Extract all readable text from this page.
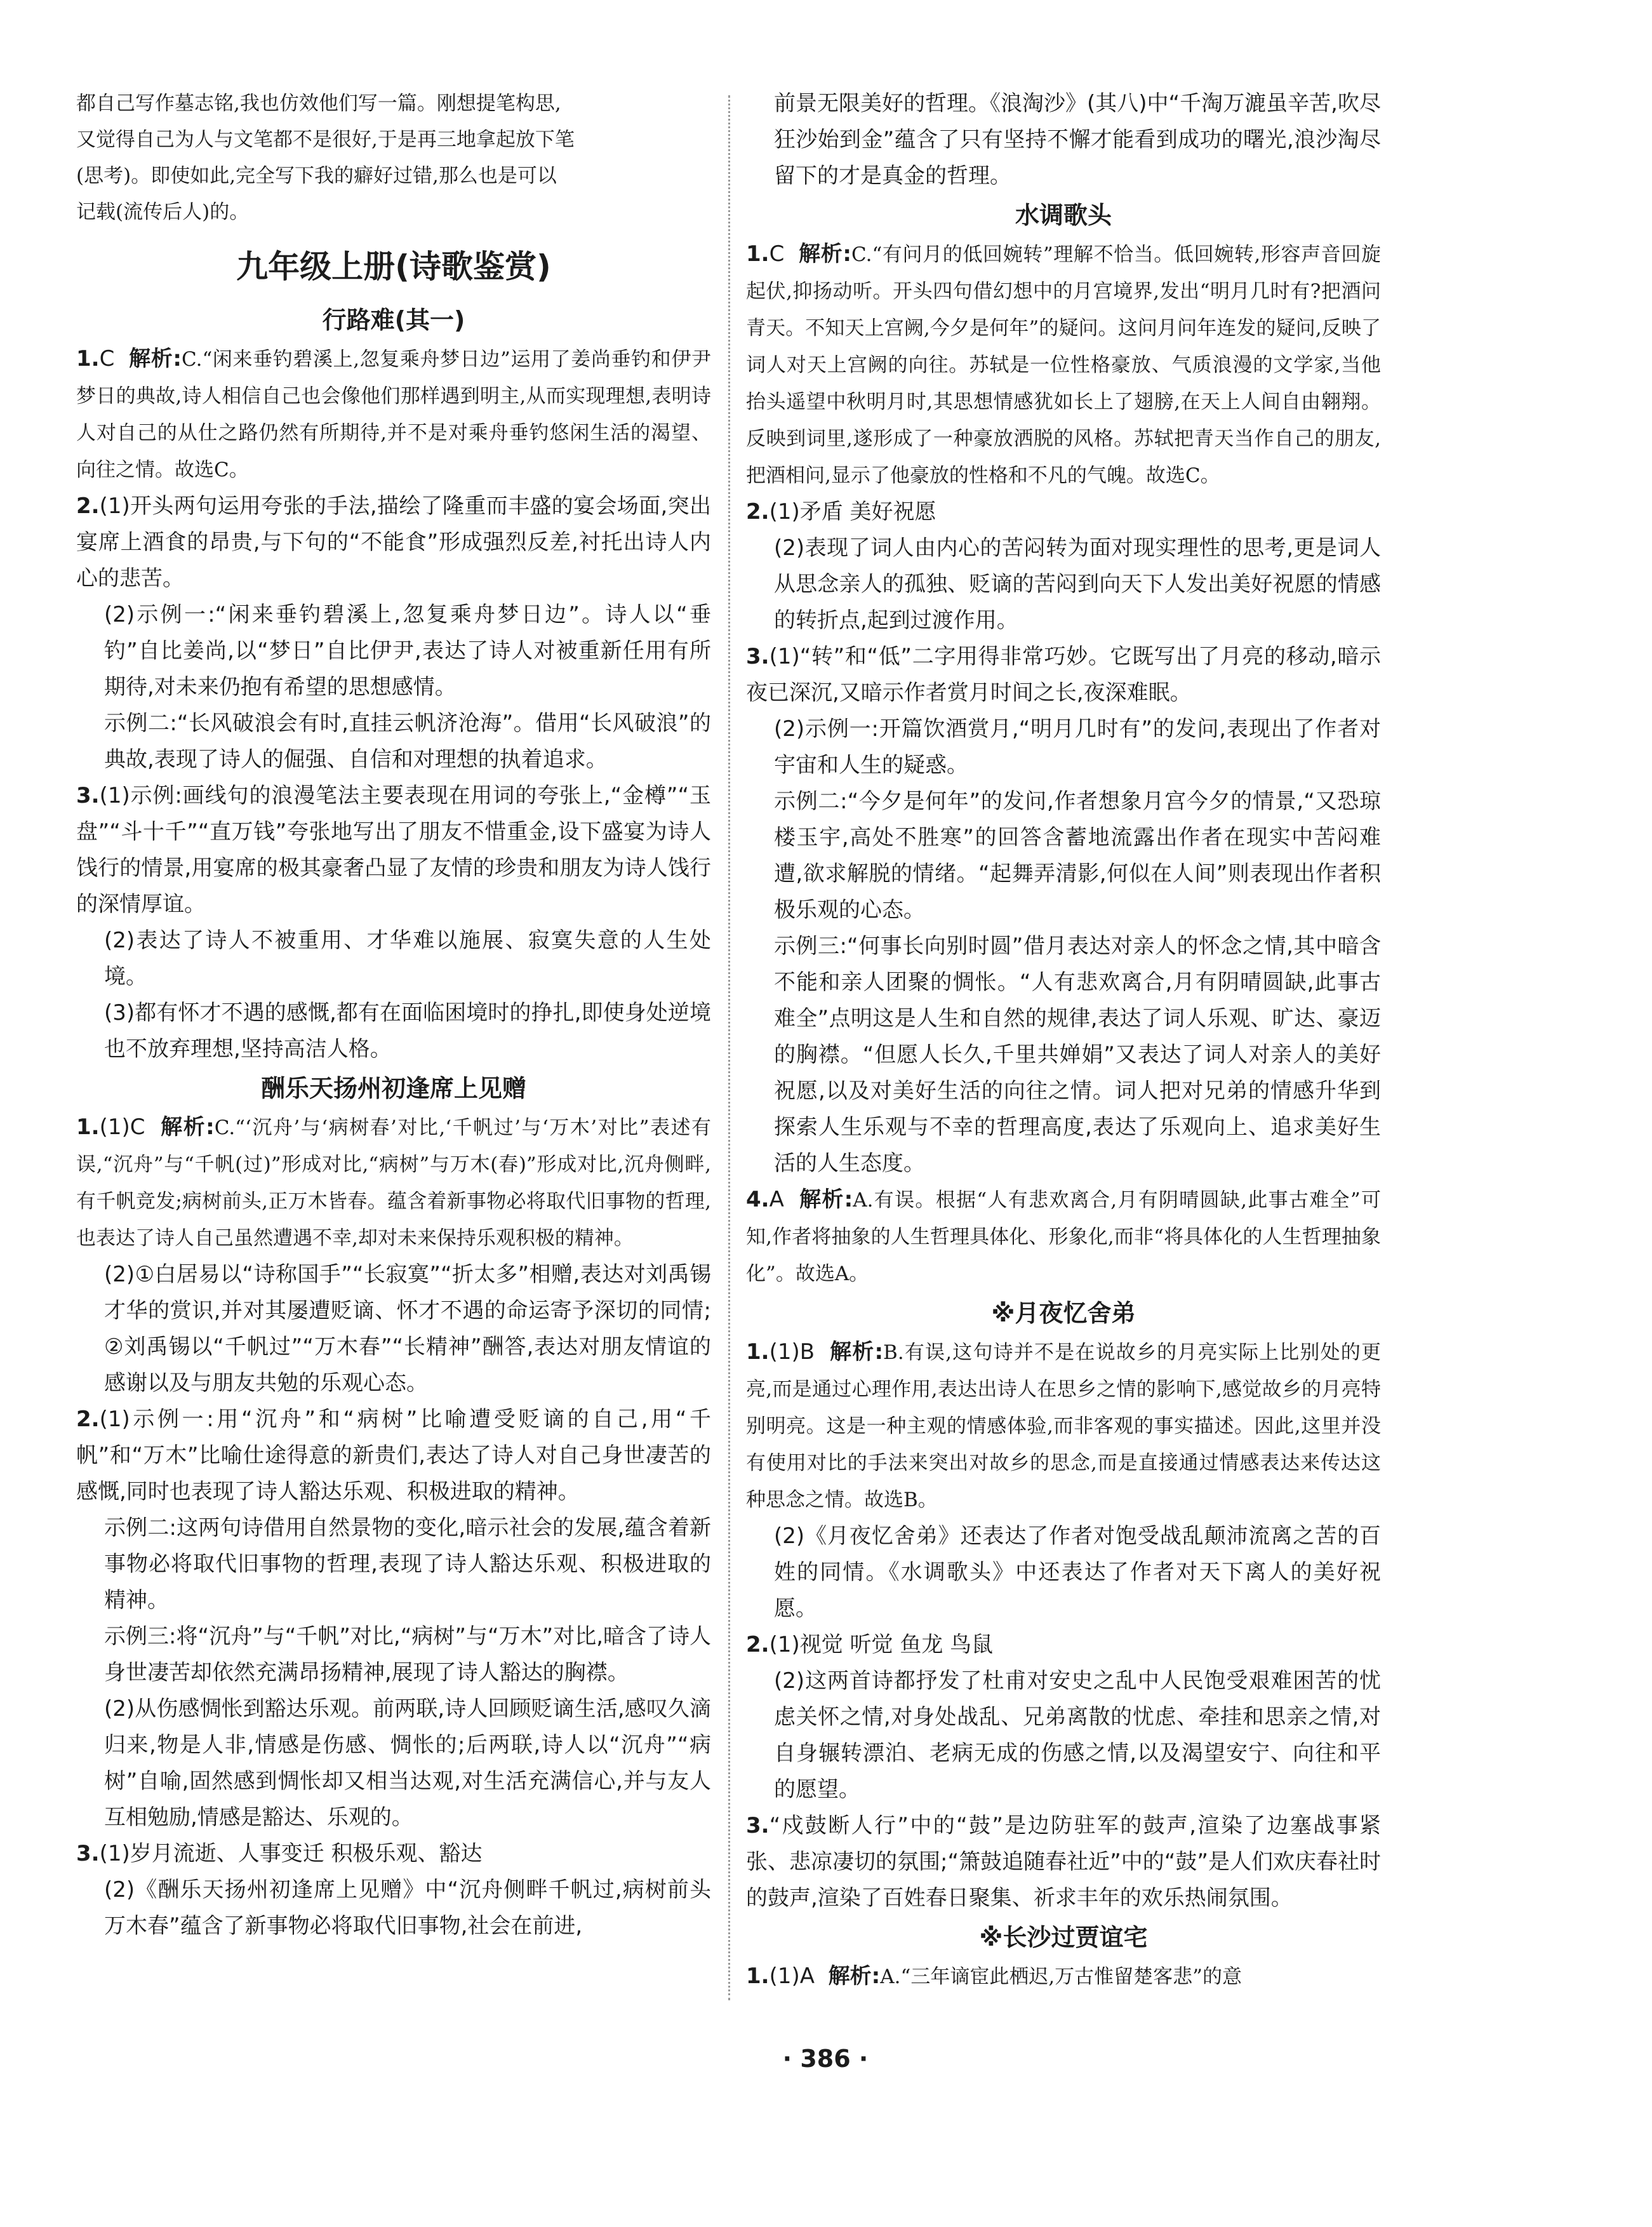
都自己写作墓志铭,我也仿效他们写一篇。刚想提笔构思,

又觉得自己为人与文笔都不是很好,于是再三地拿起放下笔

(思考)。即使如此,完全写下我的癖好过错,那么也是可以

记载(流传后人)的。

九年级上册(诗歌鉴赏)
行路难(其一)

1.C 解析:C.“闲来垂钓碧溪上,忽复乘舟梦日边”运用了姜尚垂钓和伊尹梦日的典故,诗人相信自己也会像他们那样遇到明主,从而实现理想,表明诗人对自己的从仕之路仍然有所期待,并不是对乘舟垂钓悠闲生活的渴望、向往之情。故选C。

2.(1)开头两句运用夸张的手法,描绘了隆重而丰盛的宴会场面,突出宴席上酒食的昂贵,与下句的“不能食”形成强烈反差,衬托出诗人内心的悲苦。

(2)示例一:“闲来垂钓碧溪上,忽复乘舟梦日边”。诗人以“垂钓”自比姜尚,以“梦日”自比伊尹,表达了诗人对被重新任用有所期待,对未来仍抱有希望的思想感情。

示例二:“长风破浪会有时,直挂云帆济沧海”。借用“长风破浪”的典故,表现了诗人的倔强、自信和对理想的执着追求。

3.(1)示例:画线句的浪漫笔法主要表现在用词的夸张上,“金樽”“玉盘”“斗十千”“直万钱”夸张地写出了朋友不惜重金,设下盛宴为诗人饯行的情景,用宴席的极其豪奢凸显了友情的珍贵和朋友为诗人饯行的深情厚谊。

(2)表达了诗人不被重用、才华难以施展、寂寞失意的人生处境。

(3)都有怀才不遇的感慨,都有在面临困境时的挣扎,即使身处逆境也不放弃理想,坚持高洁人格。

酬乐天扬州初逢席上见赠

1.(1)C 解析:C.“‘沉舟’与‘病树春’对比,‘千帆过’与‘万木’对比”表述有误,“沉舟”与“千帆(过)”形成对比,“病树”与万木(春)”形成对比,沉舟侧畔,有千帆竞发;病树前头,正万木皆春。蕴含着新事物必将取代旧事物的哲理,也表达了诗人自己虽然遭遇不幸,却对未来保持乐观积极的精神。

(2)①白居易以“诗称国手”“长寂寞”“折太多”相赠,表达对刘禹锡才华的赏识,并对其屡遭贬谪、怀才不遇的命运寄予深切的同情;②刘禹锡以“千帆过”“万木春”“长精神”酬答,表达对朋友情谊的感谢以及与朋友共勉的乐观心态。

2.(1)示例一:用“沉舟”和“病树”比喻遭受贬谪的自己,用“千帆”和“万木”比喻仕途得意的新贵们,表达了诗人对自己身世凄苦的感慨,同时也表现了诗人豁达乐观、积极进取的精神。

示例二:这两句诗借用自然景物的变化,暗示社会的发展,蕴含着新事物必将取代旧事物的哲理,表现了诗人豁达乐观、积极进取的精神。

示例三:将“沉舟”与“千帆”对比,“病树”与“万木”对比,暗含了诗人身世凄苦却依然充满昂扬精神,展现了诗人豁达的胸襟。

(2)从伤感惆怅到豁达乐观。前两联,诗人回顾贬谪生活,感叹久滴归来,物是人非,情感是伤感、惆怅的;后两联,诗人以“沉舟”“病树”自喻,固然感到惆怅却又相当达观,对生活充满信心,并与友人互相勉励,情感是豁达、乐观的。

3.(1)岁月流逝、人事变迁 积极乐观、豁达

(2)《酬乐天扬州初逢席上见赠》中“沉舟侧畔千帆过,病树前头万木春”蕴含了新事物必将取代旧事物,社会在前进,

前景无限美好的哲理。《浪淘沙》(其八)中“千淘万漉虽辛苦,吹尽狂沙始到金”蕴含了只有坚持不懈才能看到成功的曙光,浪沙淘尽留下的才是真金的哲理。

水调歌头

1.C 解析:C.“有问月的低回婉转”理解不恰当。低回婉转,形容声音回旋起伏,抑扬动听。开头四句借幻想中的月宫境界,发出“明月几时有?把酒问青天。不知天上宫阙,今夕是何年”的疑问。这问月问年连发的疑问,反映了词人对天上宫阙的向往。苏轼是一位性格豪放、气质浪漫的文学家,当他抬头遥望中秋明月时,其思想情感犹如长上了翅膀,在天上人间自由翱翔。反映到词里,遂形成了一种豪放洒脱的风格。苏轼把青天当作自己的朋友,把酒相问,显示了他豪放的性格和不凡的气魄。故选C。

2.(1)矛盾 美好祝愿

(2)表现了词人由内心的苦闷转为面对现实理性的思考,更是词人从思念亲人的孤独、贬谪的苦闷到向天下人发出美好祝愿的情感的转折点,起到过渡作用。

3.(1)“转”和“低”二字用得非常巧妙。它既写出了月亮的移动,暗示夜已深沉,又暗示作者赏月时间之长,夜深难眠。

(2)示例一:开篇饮酒赏月,“明月几时有”的发问,表现出了作者对宇宙和人生的疑惑。

示例二:“今夕是何年”的发问,作者想象月宫今夕的情景,“又恐琼楼玉宇,高处不胜寒”的回答含蓄地流露出作者在现实中苦闷难遭,欲求解脱的情绪。“起舞弄清影,何似在人间”则表现出作者积极乐观的心态。

示例三:“何事长向别时圆”借月表达对亲人的怀念之情,其中暗含不能和亲人团聚的惆怅。“人有悲欢离合,月有阴晴圆缺,此事古难全”点明这是人生和自然的规律,表达了词人乐观、旷达、豪迈的胸襟。“但愿人长久,千里共婵娟”又表达了词人对亲人的美好祝愿,以及对美好生活的向往之情。词人把对兄弟的情感升华到探索人生乐观与不幸的哲理高度,表达了乐观向上、追求美好生活的人生态度。

4.A 解析:A.有误。根据“人有悲欢离合,月有阴晴圆缺,此事古难全”可知,作者将抽象的人生哲理具体化、形象化,而非“将具体化的人生哲理抽象化”。故选A。

※月夜忆舍弟

1.(1)B 解析:B.有误,这句诗并不是在说故乡的月亮实际上比别处的更亮,而是通过心理作用,表达出诗人在思乡之情的影响下,感觉故乡的月亮特别明亮。这是一种主观的情感体验,而非客观的事实描述。因此,这里并没有使用对比的手法来突出对故乡的思念,而是直接通过情感表达来传达这种思念之情。故选B。

(2)《月夜忆舍弟》还表达了作者对饱受战乱颠沛流离之苦的百姓的同情。《水调歌头》中还表达了作者对天下离人的美好祝愿。

2.(1)视觉 听觉 鱼龙 鸟鼠

(2)这两首诗都抒发了杜甫对安史之乱中人民饱受艰难困苦的忧虑关怀之情,对身处战乱、兄弟离散的忧虑、牵挂和思亲之情,对自身辗转漂泊、老病无成的伤感之情,以及渴望安宁、向往和平的愿望。

3.“戍鼓断人行”中的“鼓”是边防驻军的鼓声,渲染了边塞战事紧张、悲凉凄切的氛围;“箫鼓追随春社近”中的“鼓”是人们欢庆春社时的鼓声,渲染了百姓春日聚集、祈求丰年的欢乐热闹氛围。

※长沙过贾谊宅

1.(1)A 解析:A.“三年谪宦此栖迟,万古惟留楚客悲”的意

· 386 ·
